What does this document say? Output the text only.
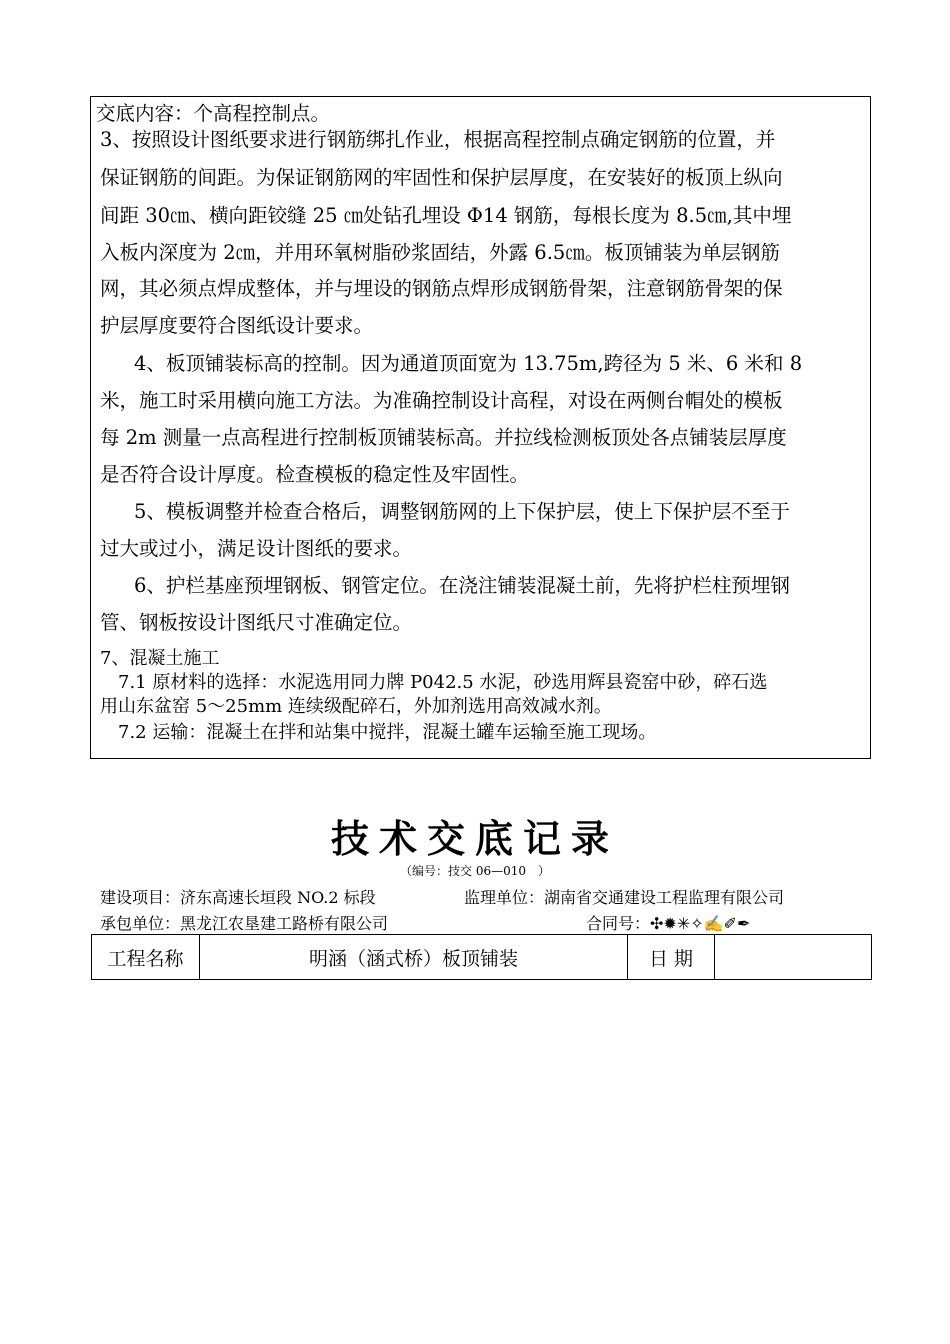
交底内容：个高程控制点。
3、按照设计图纸要求进行钢筋绑扎作业，根据高程控制点确定钢筋的位置，并
保证钢筋的间距。为保证钢筋网的牢固性和保护层厚度，在安装好的板顶上纵向
间距 30㎝、横向距铰缝 25 ㎝处钻孔埋设 Φ14 钢筋，每根长度为 8.5㎝,其中埋
入板内深度为 2㎝，并用环氧树脂砂浆固结，外露 6.5㎝。板顶铺装为单层钢筋
网，其必须点焊成整体，并与埋设的钢筋点焊形成钢筋骨架，注意钢筋骨架的保
护层厚度要符合图纸设计要求。
4、板顶铺装标高的控制。因为通道顶面宽为 13.75m,跨径为 5 米、6 米和 8
米，施工时采用横向施工方法。为准确控制设计高程，对设在两侧台帽处的模板
每 2m 测量一点高程进行控制板顶铺装标高。并拉线检测板顶处各点铺装层厚度
是否符合设计厚度。检查模板的稳定性及牢固性。
5、模板调整并检查合格后，调整钢筋网的上下保护层，使上下保护层不至于
过大或过小，满足设计图纸的要求。
6、护栏基座预埋钢板、钢管定位。在浇注铺装混凝土前，先将护栏柱预埋钢
管、钢板按设计图纸尺寸准确定位。
7、混凝土施工
7.1 原材料的选择：水泥选用同力牌 P042.5 水泥，砂选用辉县瓷窑中砂，碎石选
用山东盆窑 5～25mm 连续级配碎石，外加剂选用高效减水剂。
7.2 运输：混凝土在拌和站集中搅拌，混凝土罐车运输至施工现场。
技术交底记录
（编号：技交 06—010　）
建设项目：济东高速长垣段 NO.2 标段	监理单位：湖南省交通建设工程监理有限公司
承包单位：黑龙江农垦建工路桥有限公司	合同号：✣✹✳✧✍✐✒
工程名称	明涵（涵式桥）板顶铺装	日 期	
